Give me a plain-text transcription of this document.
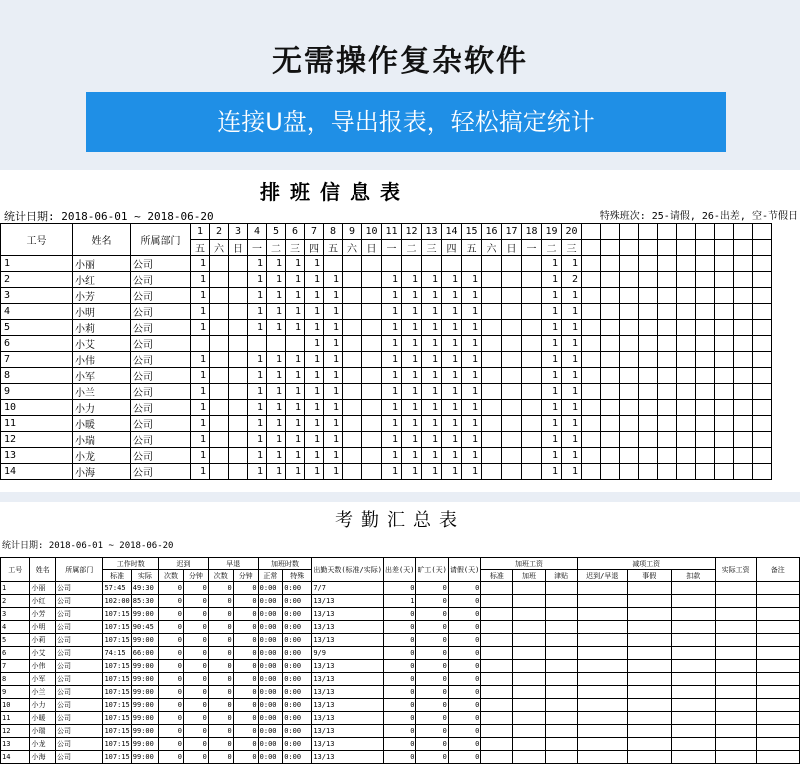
无需操作复杂软件
连接U盘，导出报表，轻松搞定统计
排班信息表
统计日期: 2018-06-01 ~ 2018-06-20	特殊班次: 25-请假, 26-出差, 空-节假日
工号	姓名	所属部门	1	2	3	4	5	6	7	8	9	10	11	12	13	14	15	16	17	18	19	20										
			五	六	日	一	二	三	四	五	六	日	一	二	三	四	五	六	日	一	二	三										
1	小丽	公司	1			1	1	1	1												1	1										
2	小红	公司	1			1	1	1	1	1			1	1	1	1	1				1	2										
3	小芳	公司	1			1	1	1	1	1			1	1	1	1	1				1	1										
4	小明	公司	1			1	1	1	1	1			1	1	1	1	1				1	1										
5	小莉	公司	1			1	1	1	1	1			1	1	1	1	1				1	1										
6	小艾	公司							1	1			1	1	1	1	1				1	1										
7	小伟	公司	1			1	1	1	1	1			1	1	1	1	1				1	1										
8	小军	公司	1			1	1	1	1	1			1	1	1	1	1				1	1										
9	小兰	公司	1			1	1	1	1	1			1	1	1	1	1				1	1										
10	小力	公司	1			1	1	1	1	1			1	1	1	1	1				1	1										
11	小暖	公司	1			1	1	1	1	1			1	1	1	1	1				1	1										
12	小瑞	公司	1			1	1	1	1	1			1	1	1	1	1				1	1										
13	小龙	公司	1			1	1	1	1	1			1	1	1	1	1				1	1										
14	小海	公司	1			1	1	1	1	1			1	1	1	1	1				1	1										
考勤汇总表
统计日期: 2018-06-01 ~ 2018-06-20
工号	姓名	所属部门	工作时数		迟到		早退		加班时数		出勤天数(标准/实际)	出差(天)	旷工(天)	请假(天)	加班工资			减项工资			实际工资	备注
			标准	实际	次数	分钟	次数	分钟	正常	特殊					标准	加班	津贴	迟到/早退	事假	扣款		
1	小丽	公司	57:45	49:30	0	0	0	0	0:00	0:00	7/7	0	0	0								
2	小红	公司	102:00	85:30	0	0	0	0	0:00	0:00	13/13	1	0	0								
3	小芳	公司	107:15	99:00	0	0	0	0	0:00	0:00	13/13	0	0	0								
4	小明	公司	107:15	90:45	0	0	0	0	0:00	0:00	13/13	0	0	0								
5	小莉	公司	107:15	99:00	0	0	0	0	0:00	0:00	13/13	0	0	0								
6	小艾	公司	74:15	66:00	0	0	0	0	0:00	0:00	9/9	0	0	0								
7	小伟	公司	107:15	99:00	0	0	0	0	0:00	0:00	13/13	0	0	0								
8	小军	公司	107:15	99:00	0	0	0	0	0:00	0:00	13/13	0	0	0								
9	小兰	公司	107:15	99:00	0	0	0	0	0:00	0:00	13/13	0	0	0								
10	小力	公司	107:15	99:00	0	0	0	0	0:00	0:00	13/13	0	0	0								
11	小暖	公司	107:15	99:00	0	0	0	0	0:00	0:00	13/13	0	0	0								
12	小瑞	公司	107:15	99:00	0	0	0	0	0:00	0:00	13/13	0	0	0								
13	小龙	公司	107:15	99:00	0	0	0	0	0:00	0:00	13/13	0	0	0								
14	小海	公司	107:15	99:00	0	0	0	0	0:00	0:00	13/13	0	0	0								
